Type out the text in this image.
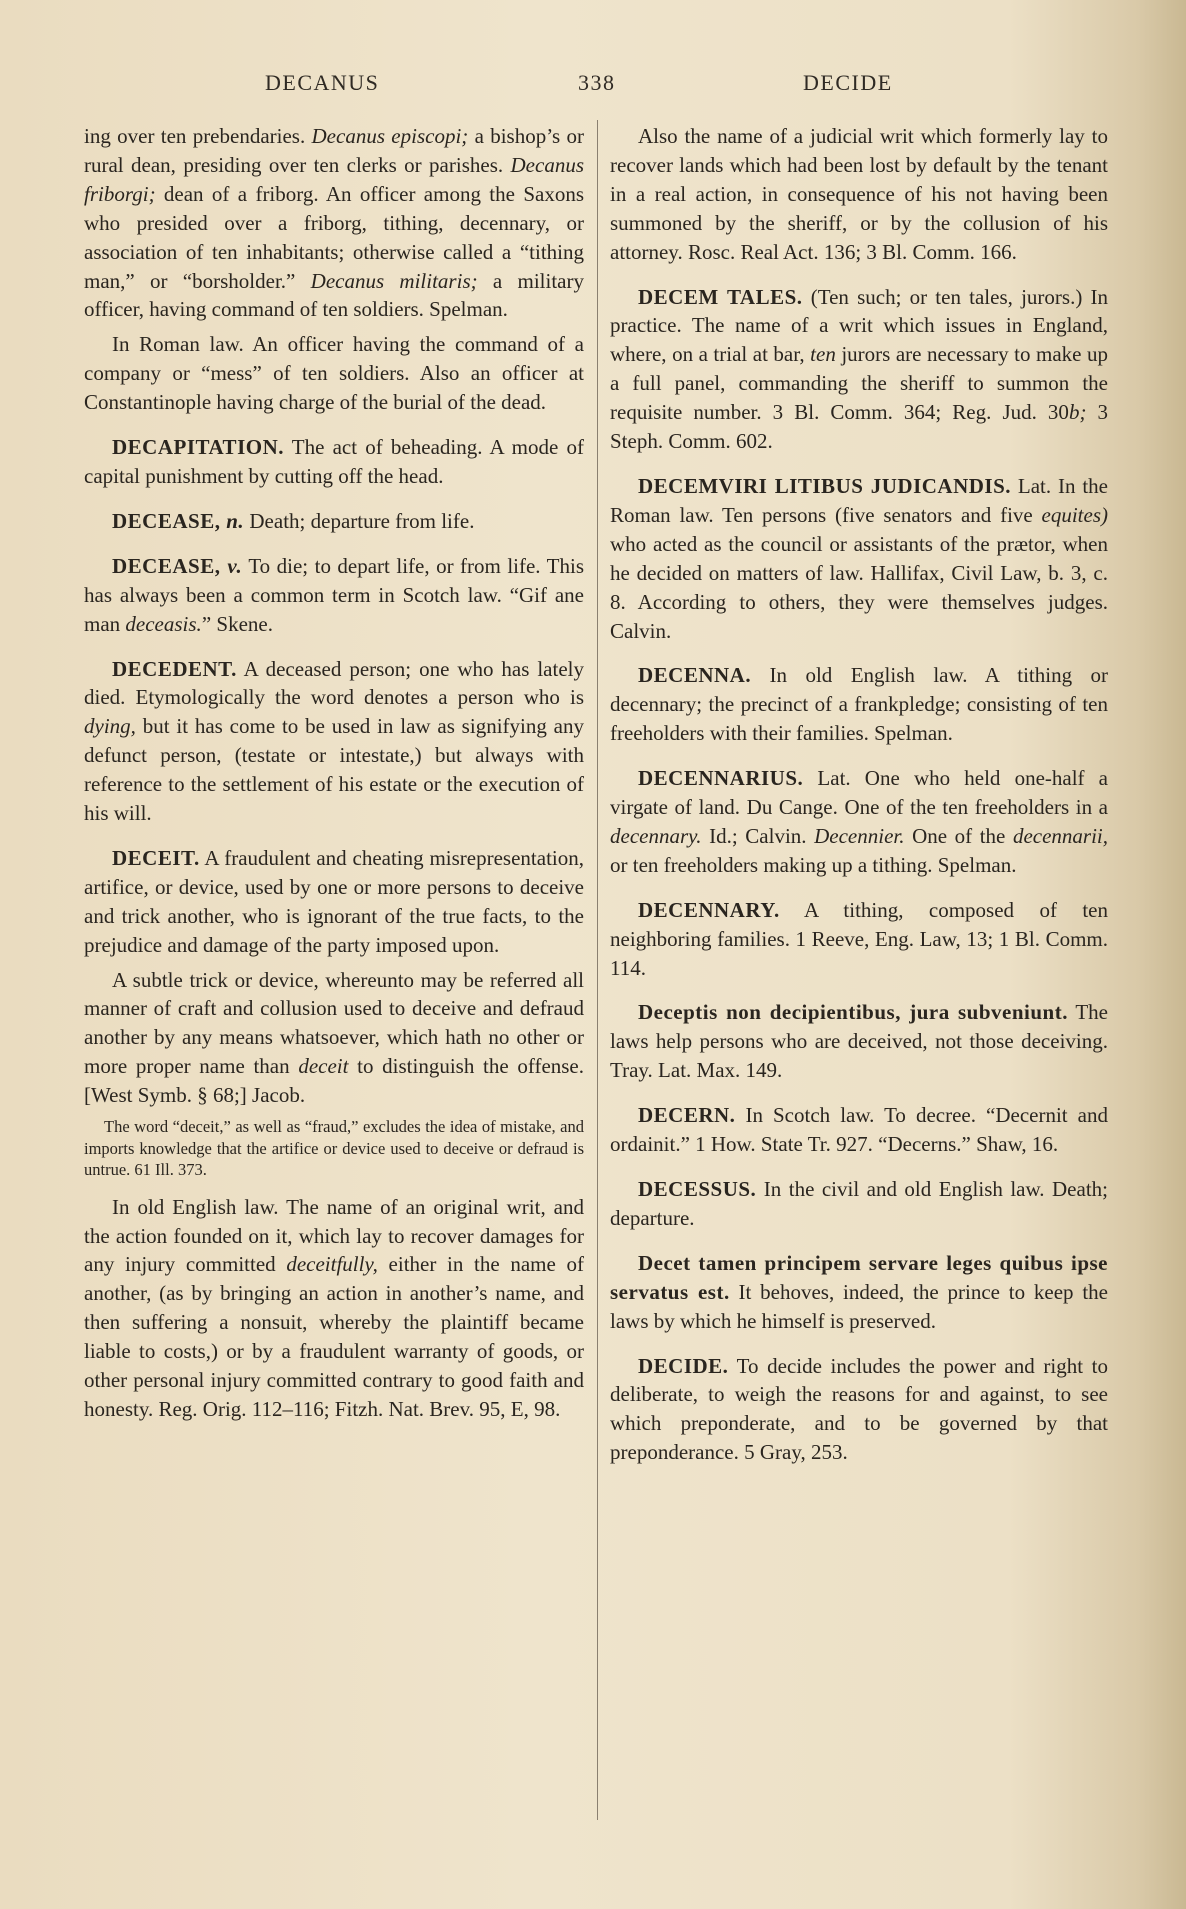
DECANUS	338	DECIDE

ing over ten prebendaries. Decanus episcopi; a bishop’s or rural dean, presiding over ten clerks or parishes. Decanus friborgi; dean of a friborg. An officer among the Saxons who presided over a friborg, tithing, decennary, or association of ten inhabitants; otherwise called a “tithing man,” or “borsholder.” Decanus militaris; a military officer, having command of ten soldiers. Spelman.

In Roman law. An officer having the command of a company or “mess” of ten soldiers. Also an officer at Constantinople having charge of the burial of the dead.

DECAPITATION. The act of beheading. A mode of capital punishment by cutting off the head.

DECEASE, n. Death; departure from life.

DECEASE, v. To die; to depart life, or from life. This has always been a common term in Scotch law. “Gif ane man deceasis.” Skene.

DECEDENT. A deceased person; one who has lately died. Etymologically the word denotes a person who is dying, but it has come to be used in law as signifying any defunct person, (testate or intestate,) but always with reference to the settlement of his estate or the execution of his will.

DECEIT. A fraudulent and cheating misrepresentation, artifice, or device, used by one or more persons to deceive and trick another, who is ignorant of the true facts, to the prejudice and damage of the party imposed upon.

A subtle trick or device, whereunto may be referred all manner of craft and collusion used to deceive and defraud another by any means whatsoever, which hath no other or more proper name than deceit to distinguish the offense. [West Symb. § 68;] Jacob.

The word “deceit,” as well as “fraud,” excludes the idea of mistake, and imports knowledge that the artifice or device used to deceive or defraud is untrue. 61 Ill. 373.

In old English law. The name of an original writ, and the action founded on it, which lay to recover damages for any injury committed deceitfully, either in the name of another, (as by bringing an action in another’s name, and then suffering a nonsuit, whereby the plaintiff became liable to costs,) or by a fraudulent warranty of goods, or other personal injury committed contrary to good faith and honesty. Reg. Orig. 112–116; Fitzh. Nat. Brev. 95, E, 98.

Also the name of a judicial writ which formerly lay to recover lands which had been lost by default by the tenant in a real action, in consequence of his not having been summoned by the sheriff, or by the collusion of his attorney. Rosc. Real Act. 136; 3 Bl. Comm. 166.

DECEM TALES. (Ten such; or ten tales, jurors.) In practice. The name of a writ which issues in England, where, on a trial at bar, ten jurors are necessary to make up a full panel, commanding the sheriff to summon the requisite number. 3 Bl. Comm. 364; Reg. Jud. 30b; 3 Steph. Comm. 602.

DECEMVIRI LITIBUS JUDICANDIS. Lat. In the Roman law. Ten persons (five senators and five equites) who acted as the council or assistants of the prætor, when he decided on matters of law. Hallifax, Civil Law, b. 3, c. 8. According to others, they were themselves judges. Calvin.

DECENNA. In old English law. A tithing or decennary; the precinct of a frankpledge; consisting of ten freeholders with their families. Spelman.

DECENNARIUS. Lat. One who held one-half a virgate of land. Du Cange. One of the ten freeholders in a decennary. Id.; Calvin. Decennier. One of the decennarii, or ten freeholders making up a tithing. Spelman.

DECENNARY. A tithing, composed of ten neighboring families. 1 Reeve, Eng. Law, 13; 1 Bl. Comm. 114.

Deceptis non decipientibus, jura subveniunt. The laws help persons who are deceived, not those deceiving. Tray. Lat. Max. 149.

DECERN. In Scotch law. To decree. “Decernit and ordainit.” 1 How. State Tr. 927. “Decerns.” Shaw, 16.

DECESSUS. In the civil and old English law. Death; departure.

Decet tamen principem servare leges quibus ipse servatus est. It behoves, indeed, the prince to keep the laws by which he himself is preserved.

DECIDE. To decide includes the power and right to deliberate, to weigh the reasons for and against, to see which preponderate, and to be governed by that preponderance. 5 Gray, 253.
